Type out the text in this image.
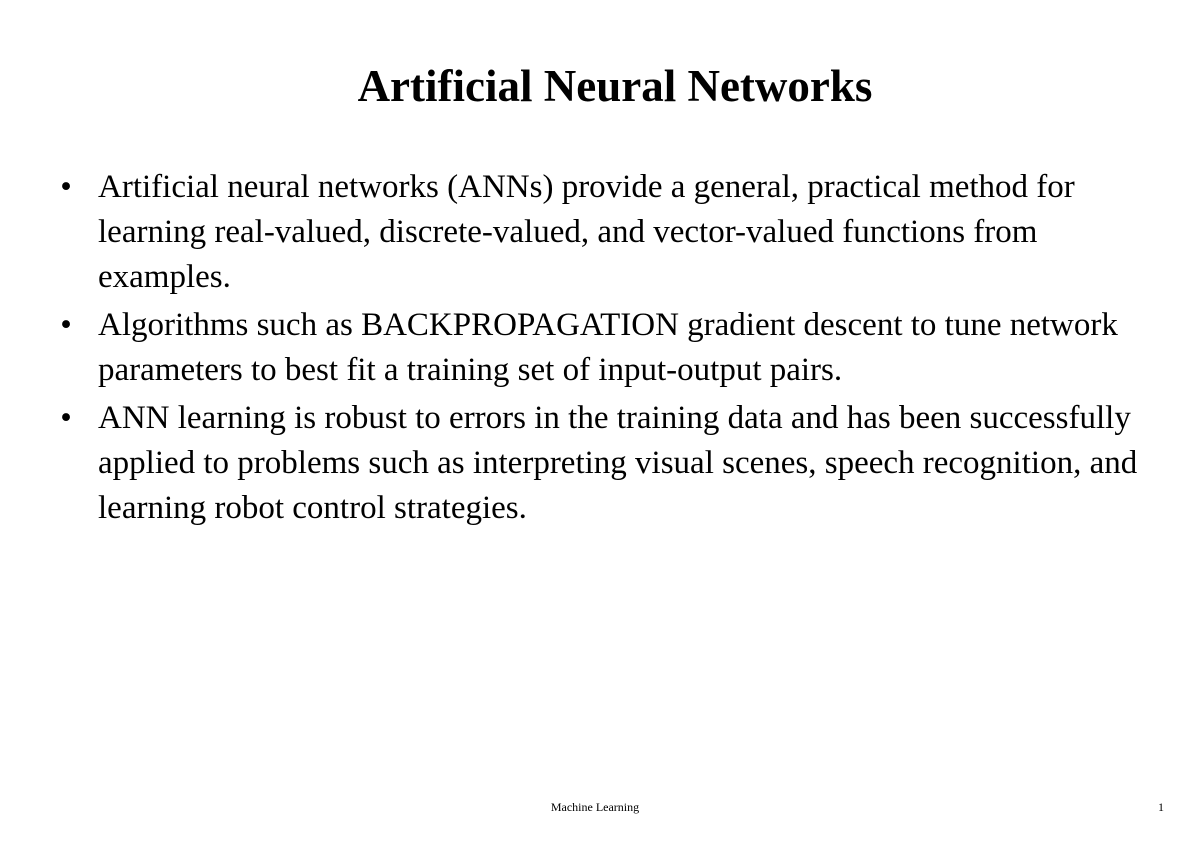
Artificial Neural Networks
• Artificial neural networks (ANNs) provide a general, practical method for learning real-valued, discrete-valued, and vector-valued functions from examples.
• Algorithms such as BACKPROPAGATION gradient descent to tune network parameters to best fit a training set of input-output pairs.
• ANN learning is robust to errors in the training data and has been successfully applied to problems such as interpreting visual scenes, speech recognition, and learning robot control strategies.
Machine Learning	1
